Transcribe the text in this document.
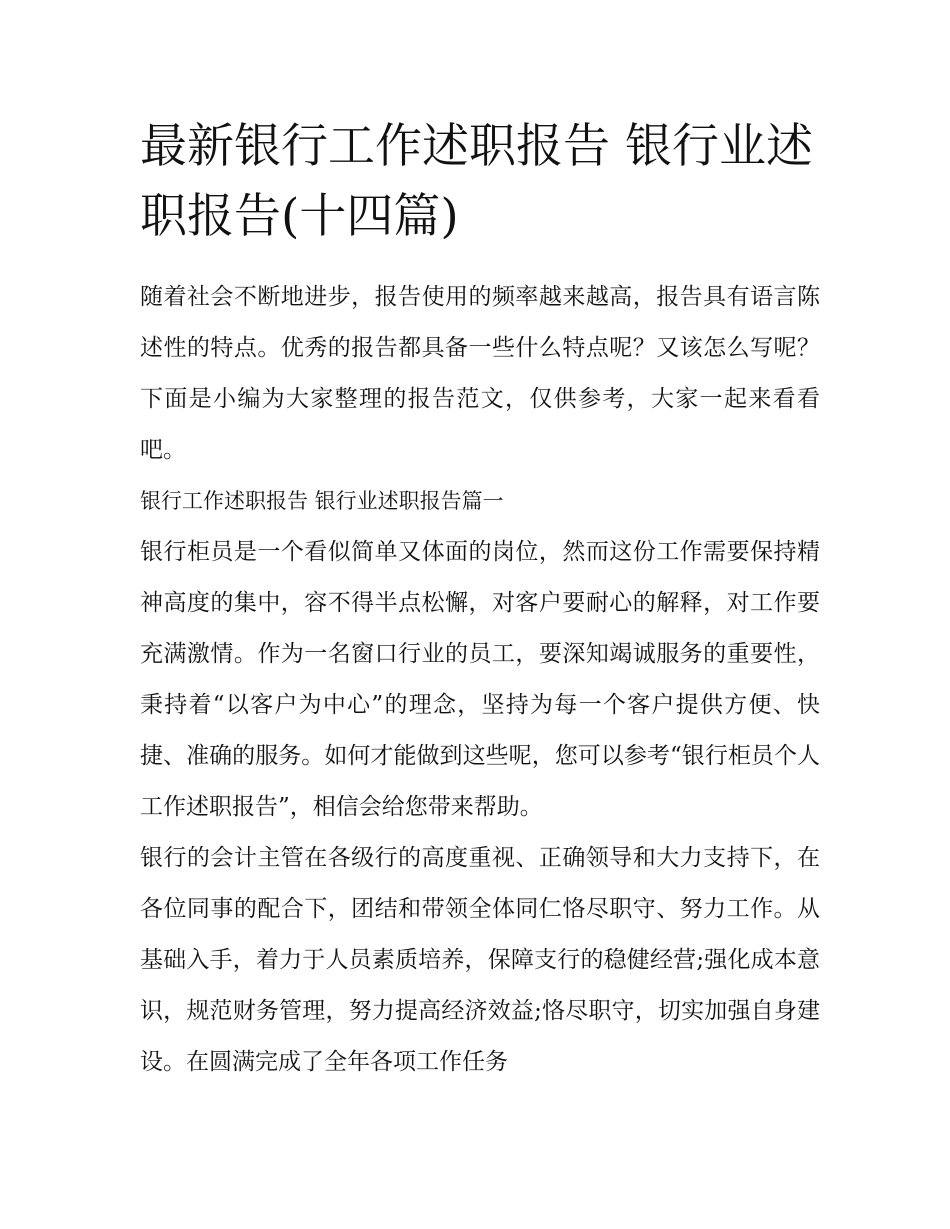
最新银行工作述职报告 银行业述职报告(十四篇)

随着社会不断地进步，报告使用的频率越来越高，报告具有语言陈述性的特点。优秀的报告都具备一些什么特点呢？又该怎么写呢？下面是小编为大家整理的报告范文，仅供参考，大家一起来看看吧。

银行工作述职报告 银行业述职报告篇一

银行柜员是一个看似简单又体面的岗位，然而这份工作需要保持精神高度的集中，容不得半点松懈，对客户要耐心的解释，对工作要充满激情。作为一名窗口行业的员工，要深知竭诚服务的重要性，秉持着“以客户为中心”的理念，坚持为每一个客户提供方便、快捷、准确的服务。如何才能做到这些呢，您可以参考“银行柜员个人工作述职报告”，相信会给您带来帮助。

银行的会计主管在各级行的高度重视、正确领导和大力支持下，在各位同事的配合下，团结和带领全体同仁恪尽职守、努力工作。从基础入手，着力于人员素质培养，保障支行的稳健经营;强化成本意识，规范财务管理，努力提高经济效益;恪尽职守，切实加强自身建设。在圆满完成了全年各项工作任务
